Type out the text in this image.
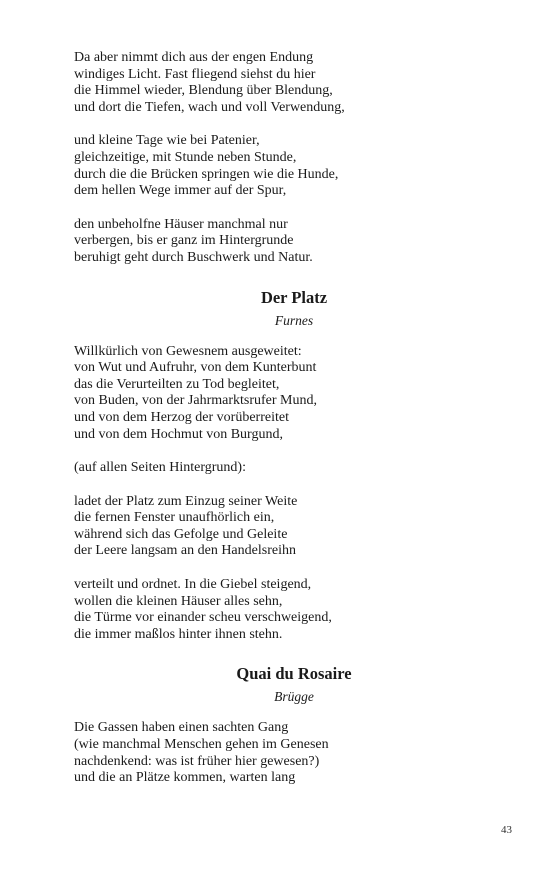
Da aber nimmt dich aus der engen Endung
windiges Licht. Fast fliegend siehst du hier
die Himmel wieder, Blendung über Blendung,
und dort die Tiefen, wach und voll Verwendung,
und kleine Tage wie bei Patenier,
gleichzeitige, mit Stunde neben Stunde,
durch die die Brücken springen wie die Hunde,
dem hellen Wege immer auf der Spur,
den unbeholfne Häuser manchmal nur
verbergen, bis er ganz im Hintergrunde
beruhigt geht durch Buschwerk und Natur.
Der Platz
Furnes
Willkürlich von Gewesnem ausgeweitet:
von Wut und Aufruhr, von dem Kunterbunt
das die Verurteilten zu Tod begleitet,
von Buden, von der Jahrmarktsrufer Mund,
und von dem Herzog der vorüberreitet
und von dem Hochmut von Burgund,
(auf allen Seiten Hintergrund):
ladet der Platz zum Einzug seiner Weite
die fernen Fenster unaufhörlich ein,
während sich das Gefolge und Geleite
der Leere langsam an den Handelsreihn
verteilt und ordnet. In die Giebel steigend,
wollen die kleinen Häuser alles sehn,
die Türme vor einander scheu verschweigend,
die immer maßlos hinter ihnen stehn.
Quai du Rosaire
Brügge
Die Gassen haben einen sachten Gang
(wie manchmal Menschen gehen im Genesen
nachdenkend: was ist früher hier gewesen?)
und die an Plätze kommen, warten lang
43
